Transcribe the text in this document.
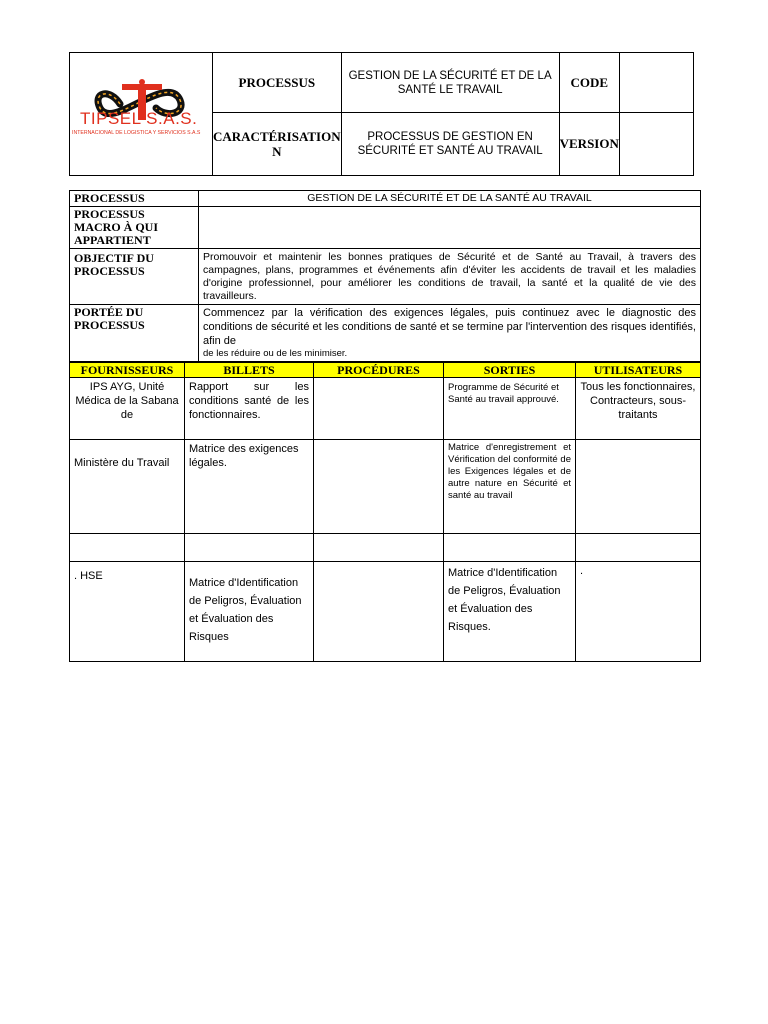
TIPSEL S.A.S.
INTERNACIONAL DE LOGISTICA Y SERVICIOS S.A.S	PROCESSUS	GESTION DE LA SÉCURITÉ ET DE LA SANTÉ LE TRAVAIL	CODE	
	CARACTÉRISATION N	PROCESSUS DE GESTION EN SÉCURITÉ ET SANTÉ AU TRAVAIL	VERSION	
PROCESSUS	GESTION DE LA SÉCURITÉ ET DE LA SANTÉ AU TRAVAIL
PROCESSUS MACRO À QUI APPARTIENT	
OBJECTIF DU PROCESSUS	Promouvoir et maintenir les bonnes pratiques de Sécurité et de Santé au Travail, à travers des campagnes, plans, programmes et événements afin d'éviter les accidents de travail et les maladies d'origine professionnel, pour améliorer les conditions de travail, la santé et la qualité de vie des travailleurs.
PORTÉE DU PROCESSUS	Commencez par la vérification des exigences légales, puis continuez avec le diagnostic des conditions de sécurité et les conditions de santé et se termine par l'intervention des risques identifiés, afin de
de les réduire ou de les minimiser.
FOURNISSEURS	BILLETS	PROCÉDURES	SORTIES	UTILISATEURS
IPS AYG, Unité Médica de la Sabana de	Rapport sur les conditions santé de les fonctionnaires.		Programme de Sécurité et Santé au travail approuvé.	Tous les fonctionnaires, Contracteurs, sous-traitants
Ministère du Travail	Matrice des exigences légales.		Matrice d'enregistrement et Vérification del conformité de les Exigences légales et de autre nature en Sécurité et santé au travail	

. HSE	Matrice d'Identification de Peligros, Évaluation et Évaluation des Risques		Matrice d'Identification de Peligros, Évaluation et Évaluation des Risques.	.
